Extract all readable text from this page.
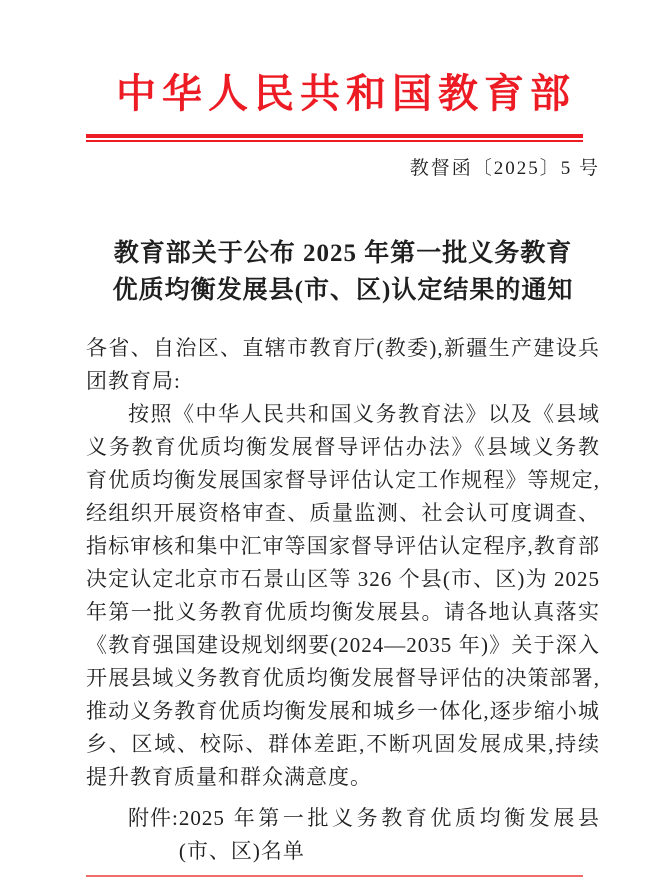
中华人民共和国教育部
教督函〔2025〕5 号
教育部关于公布 2025 年第一批义务教育
优质均衡发展县(市、区)认定结果的通知

各省、自治区、直辖市教育厅(教委),新疆生产建设兵团教育局:

按照《中华人民共和国义务教育法》以及《县域义务教育优质均衡发展督导评估办法》《县域义务教育优质均衡发展国家督导评估认定工作规程》等规定,经组织开展资格审查、质量监测、社会认可度调查、指标审核和集中汇审等国家督导评估认定程序,教育部决定认定北京市石景山区等 326 个县(市、区)为 2025 年第一批义务教育优质均衡发展县。请各地认真落实《教育强国建设规划纲要(2024—2035 年)》关于深入开展县域义务教育优质均衡发展督导评估的决策部署,推动义务教育优质均衡发展和城乡一体化,逐步缩小城乡、区域、校际、群体差距,不断巩固发展成果,持续提升教育质量和群众满意度。

附件: 2025 年第一批义务教育优质均衡发展县(市、区)名单
